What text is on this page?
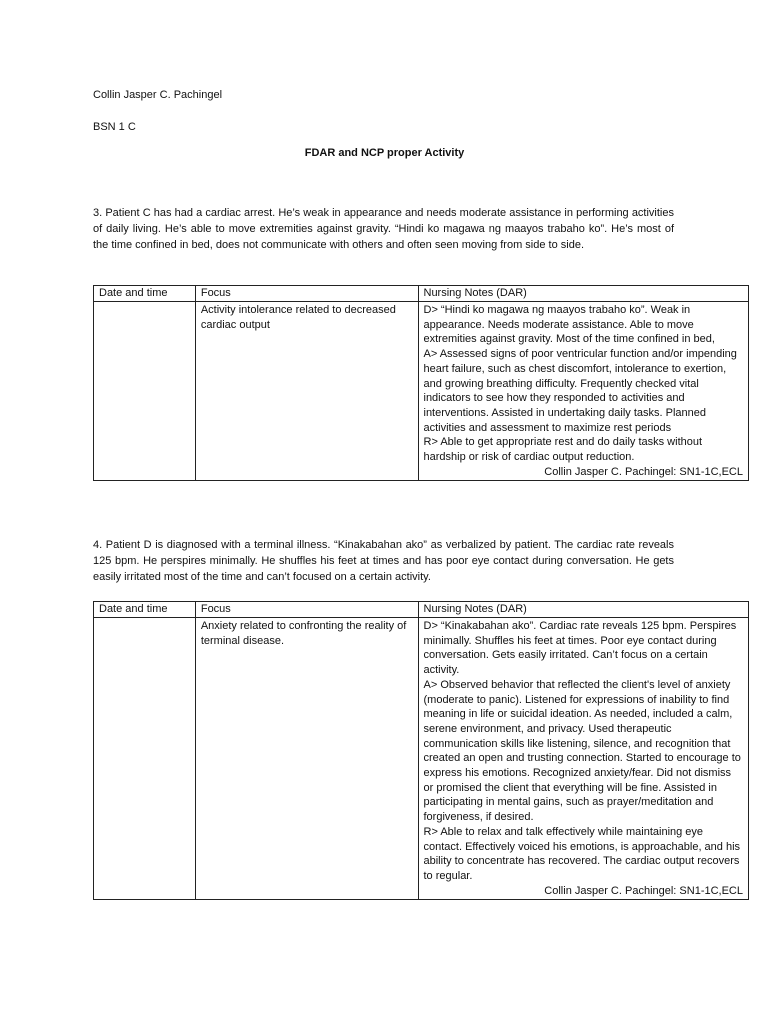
Collin Jasper C. Pachingel
BSN 1 C
FDAR and NCP proper Activity
3. Patient C has had a cardiac arrest. He’s weak in appearance and needs moderate assistance in performing activities of daily living. He’s able to move extremities against gravity. “Hindi ko magawa ng maayos trabaho ko”. He’s most of the time confined in bed, does not communicate with others and often seen moving from side to side.
Date and time	Focus	Nursing Notes (DAR)
	Activity intolerance related to decreased cardiac output	D> “Hindi ko magawa ng maayos trabaho ko”. Weak in appearance. Needs moderate assistance. Able to move extremities against gravity. Most of the time confined in bed,

A> Assessed signs of poor ventricular function and/or impending heart failure, such as chest discomfort, intolerance to exertion, and growing breathing difficulty. Frequently checked vital indicators to see how they responded to activities and interventions. Assisted in undertaking daily tasks. Planned activities and assessment to maximize rest periods

R> Able to get appropriate rest and do daily tasks without hardship or risk of cardiac output reduction.

Collin Jasper C. Pachingel: SN1-1C,ECL

4. Patient D is diagnosed with a terminal illness. “Kinakabahan ako” as verbalized by patient. The cardiac rate reveals 125 bpm. He perspires minimally. He shuffles his feet at times and has poor eye contact during conversation. He gets easily irritated most of the time and can’t focused on a certain activity.
Date and time	Focus	Nursing Notes (DAR)
	Anxiety related to confronting the reality of terminal disease.	D> “Kinakabahan ako”. Cardiac rate reveals 125 bpm. Perspires minimally. Shuffles his feet at times. Poor eye contact during conversation. Gets easily irritated. Can’t focus on a certain activity.

A> Observed behavior that reflected the client's level of anxiety (moderate to panic). Listened for expressions of inability to find meaning in life or suicidal ideation. As needed, included a calm, serene environment, and privacy. Used therapeutic communication skills like listening, silence, and recognition that created an open and trusting connection. Started to encourage to express his emotions. Recognized anxiety/fear. Did not dismiss or promised the client that everything will be fine. Assisted in participating in mental gains, such as prayer/meditation and forgiveness, if desired.

R> Able to relax and talk effectively while maintaining eye contact. Effectively voiced his emotions, is approachable, and his ability to concentrate has recovered. The cardiac output recovers to regular.

Collin Jasper C. Pachingel: SN1-1C,ECL
